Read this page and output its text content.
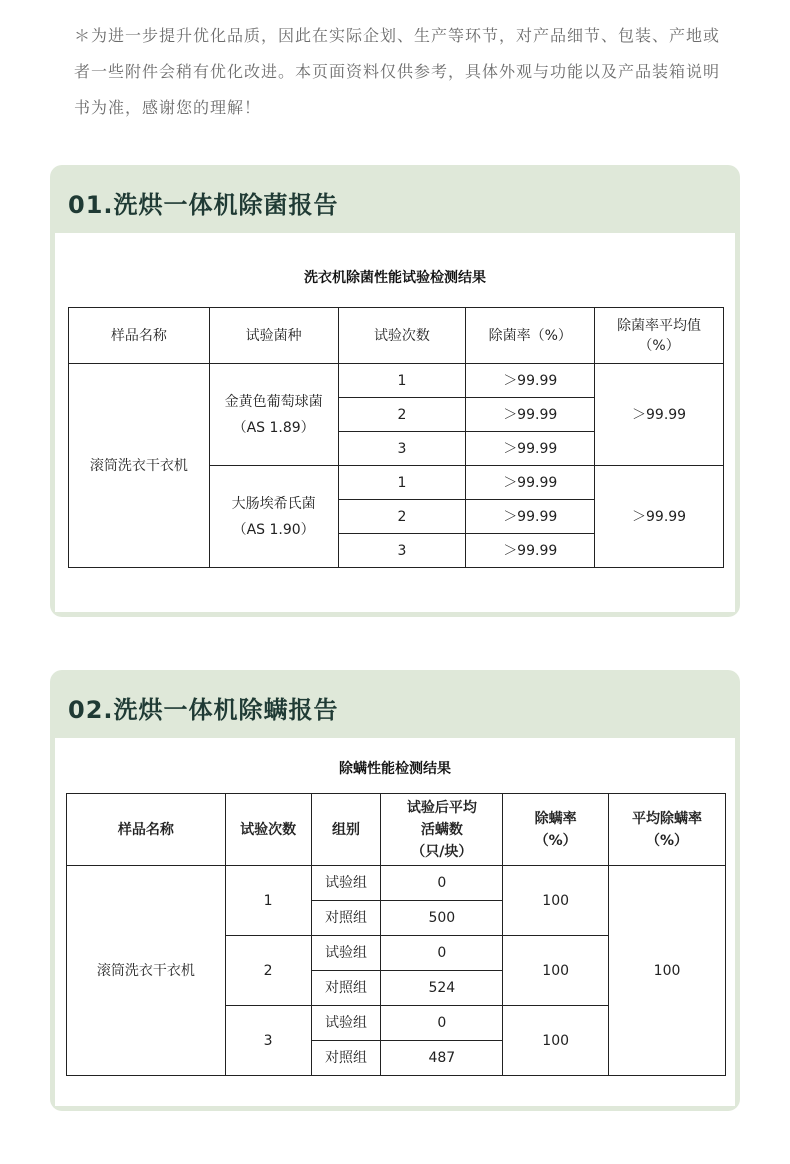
＊为进一步提升优化品质，因此在实际企划、生产等环节，对产品细节、包装、产地或者一些附件会稍有优化改进。本页面资料仅供参考，具体外观与功能以及产品装箱说明书为准，感谢您的理解！
01.洗烘一体机除菌报告
洗衣机除菌性能试验检测结果
样品名称	试验菌种	试验次数	除菌率（%）	除菌率平均值
（%）
滚筒洗衣干衣机	金黄色葡萄球菌
（AS 1.89）	1	＞99.99	＞99.99
		2	＞99.99	
		3	＞99.99	
	大肠埃希氏菌
（AS 1.90）	1	＞99.99	＞99.99
		2	＞99.99	
		3	＞99.99	
02.洗烘一体机除螨报告
除螨性能检测结果
样品名称	试验次数	组别	试验后平均
活螨数
（只/块）	除螨率
（%）	平均除螨率
（%）
滚筒洗衣干衣机	1	试验组	0	100	100
		对照组	500		
	2	试验组	0	100	
		对照组	524		
	3	试验组	0	100	
		对照组	487		
